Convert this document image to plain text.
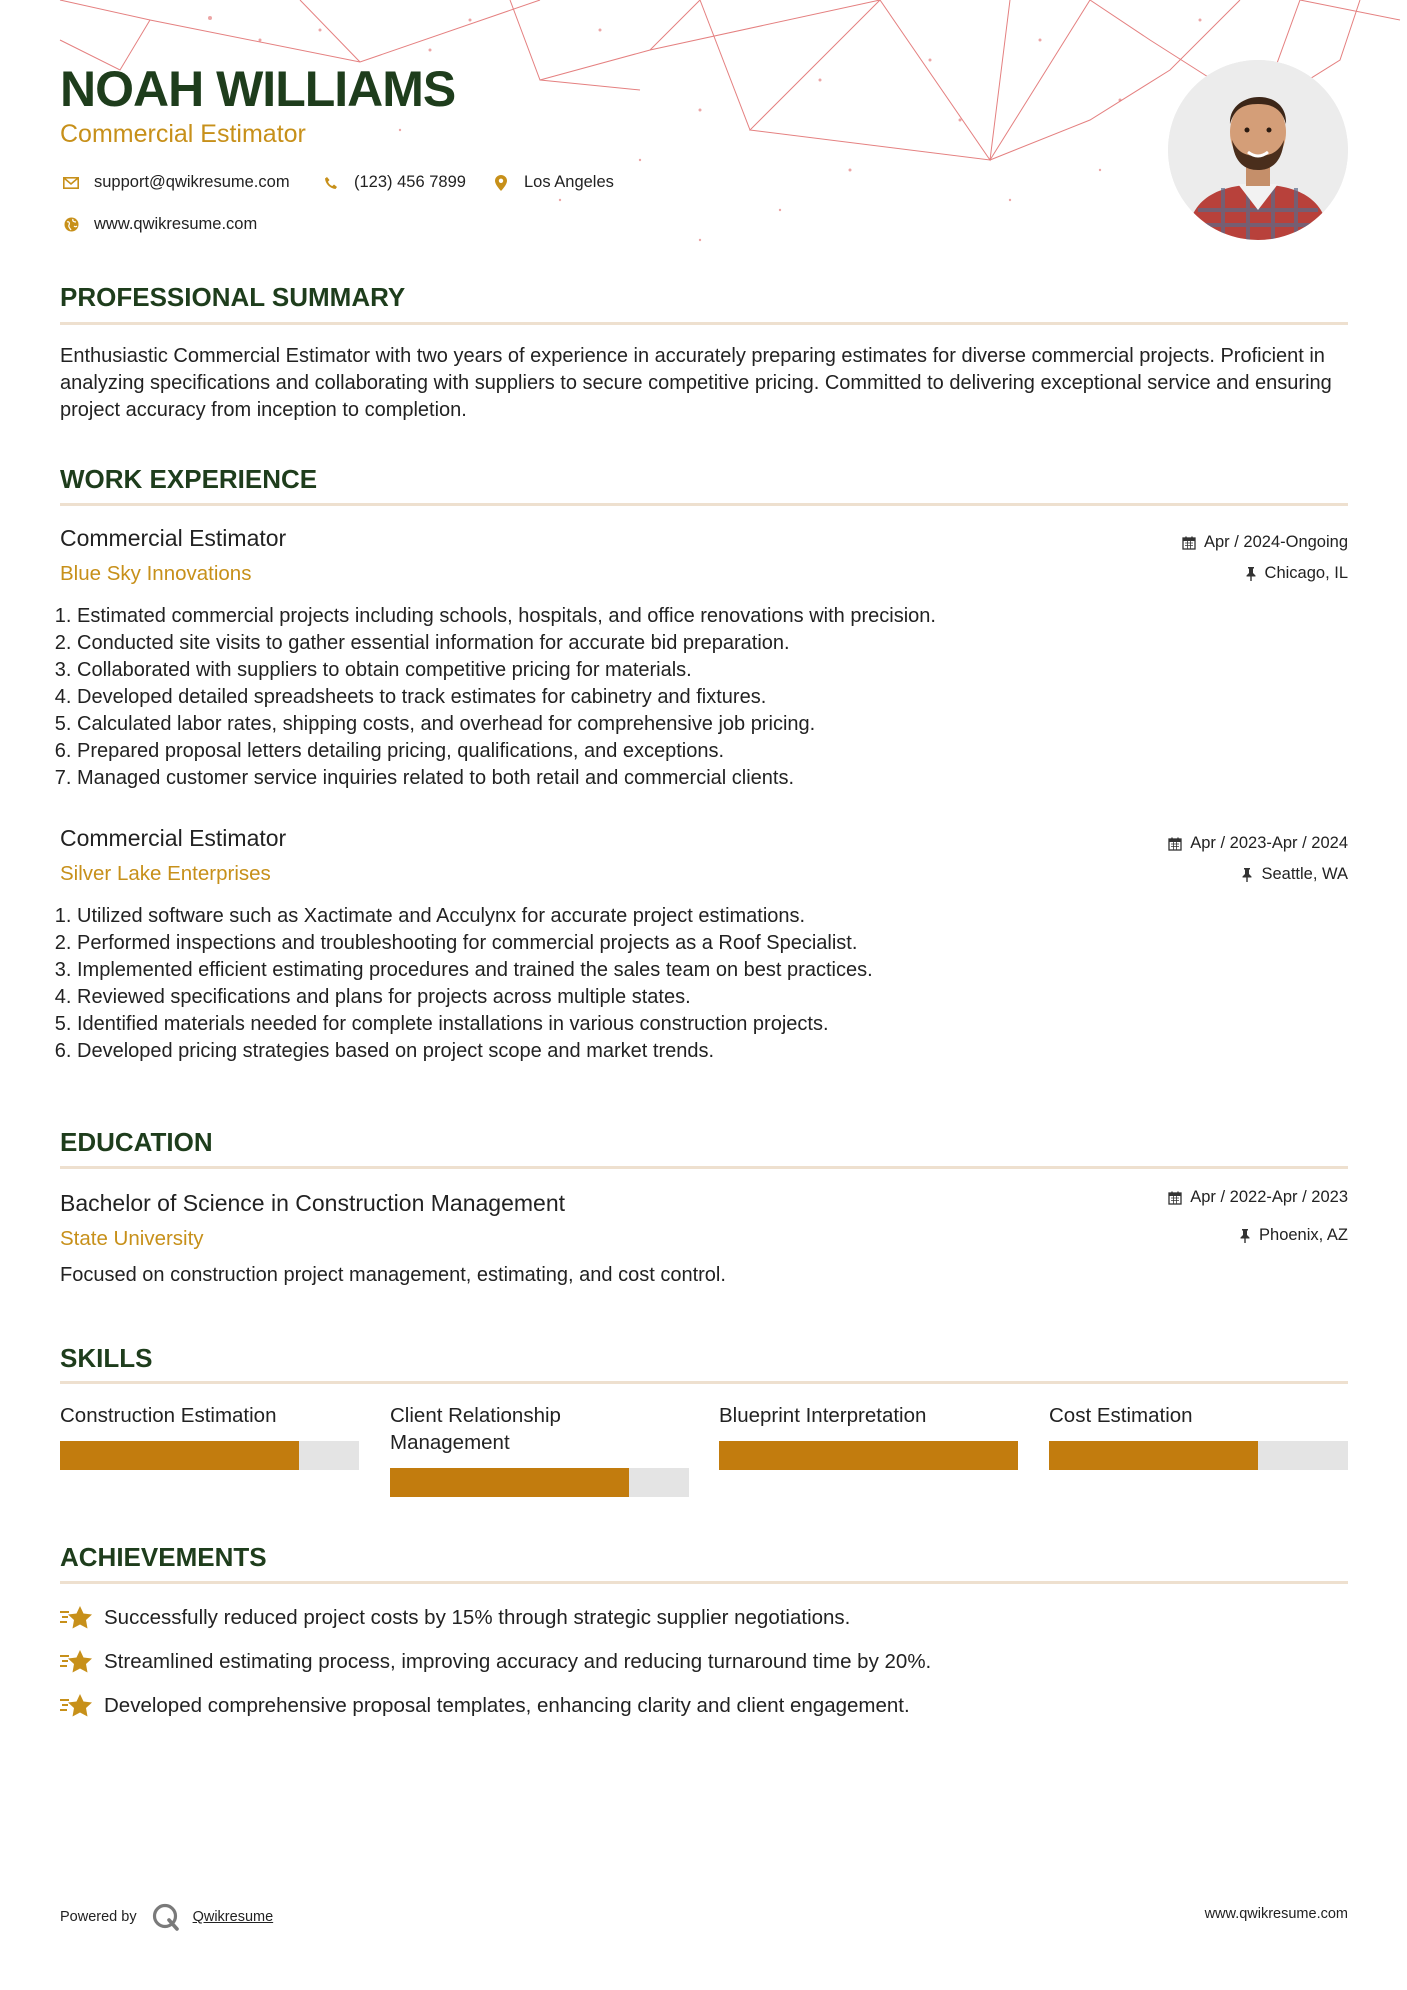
NOAH WILLIAMS
Commercial Estimator
support@qwikresume.com	(123) 456 7899	Los Angeles
www.qwikresume.com
PROFESSIONAL SUMMARY
Enthusiastic Commercial Estimator with two years of experience in accurately preparing estimates for diverse commercial projects. Proficient in analyzing specifications and collaborating with suppliers to secure competitive pricing. Committed to delivering exceptional service and ensuring project accuracy from inception to completion.
WORK EXPERIENCE
Commercial Estimator
Blue Sky Innovations
Apr / 2024-Ongoing
Chicago, IL
1. Estimated commercial projects including schools, hospitals, and office renovations with precision.
2. Conducted site visits to gather essential information for accurate bid preparation.
3. Collaborated with suppliers to obtain competitive pricing for materials.
4. Developed detailed spreadsheets to track estimates for cabinetry and fixtures.
5. Calculated labor rates, shipping costs, and overhead for comprehensive job pricing.
6. Prepared proposal letters detailing pricing, qualifications, and exceptions.
7. Managed customer service inquiries related to both retail and commercial clients.
Commercial Estimator
Silver Lake Enterprises
Apr / 2023-Apr / 2024
Seattle, WA
1. Utilized software such as Xactimate and Acculynx for accurate project estimations.
2. Performed inspections and troubleshooting for commercial projects as a Roof Specialist.
3. Implemented efficient estimating procedures and trained the sales team on best practices.
4. Reviewed specifications and plans for projects across multiple states.
5. Identified materials needed for complete installations in various construction projects.
6. Developed pricing strategies based on project scope and market trends.
EDUCATION
Bachelor of Science in Construction Management
State University
Apr / 2022-Apr / 2023
Phoenix, AZ
Focused on construction project management, estimating, and cost control.
SKILLS
Construction Estimation	Client Relationship Management
Blueprint Interpretation	Cost Estimation
ACHIEVEMENTS
Successfully reduced project costs by 15% through strategic supplier negotiations.
Streamlined estimating process, improving accuracy and reducing turnaround time by 20%.
Developed comprehensive proposal templates, enhancing clarity and client engagement.
Powered by	Qwikresume	www.qwikresume.com
